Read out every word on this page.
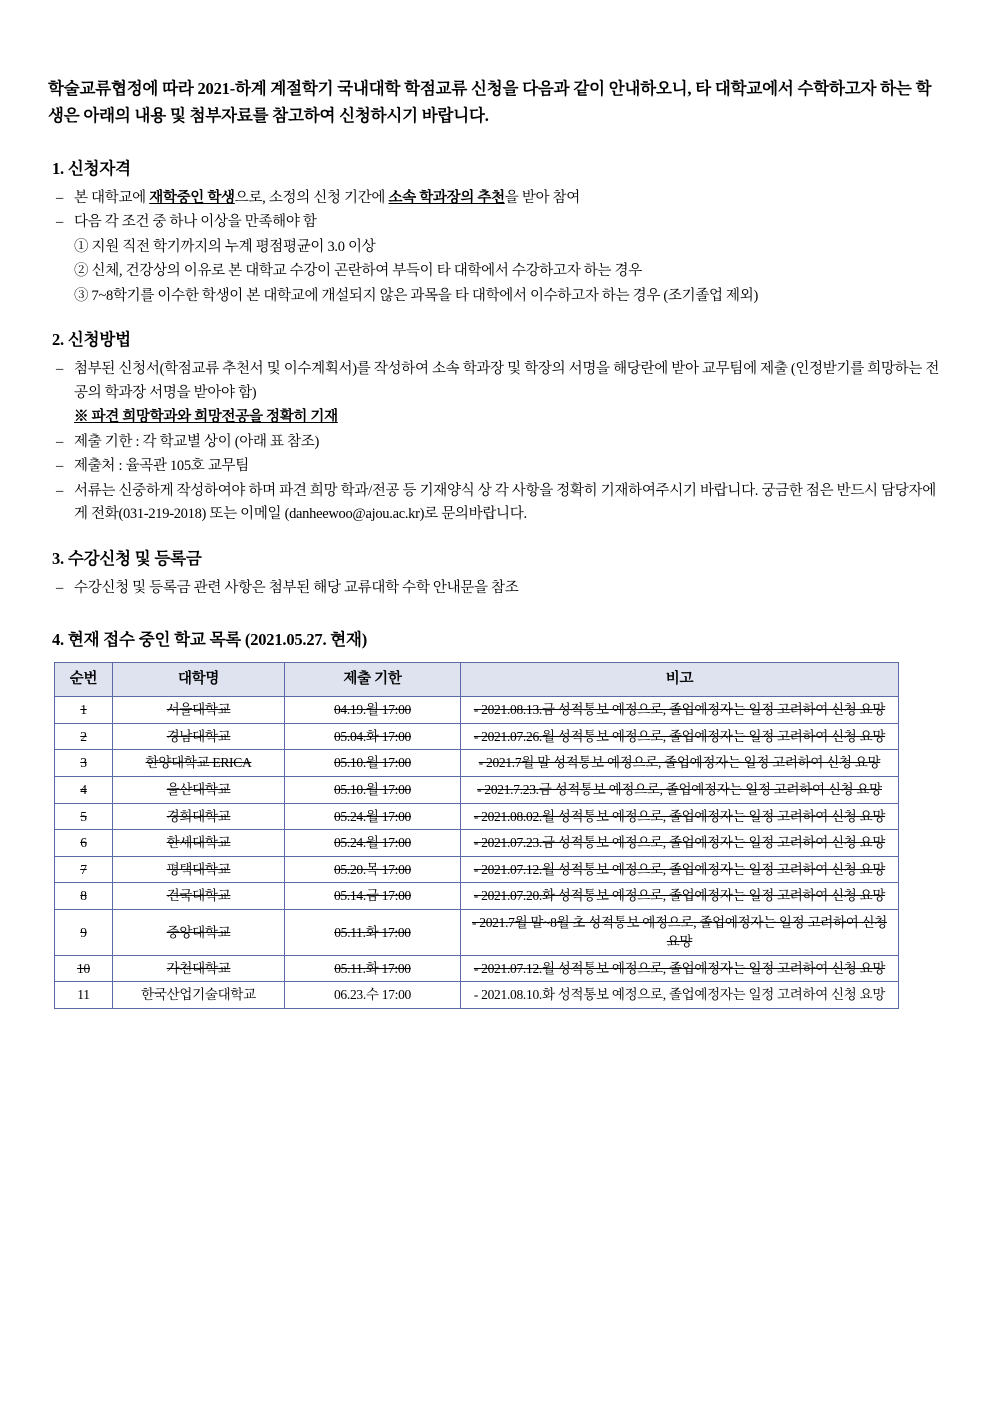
학술교류협정에 따라 2021-하계 계절학기 국내대학 학점교류 신청을 다음과 같이 안내하오니, 타 대학교에서 수학하고자 하는 학생은 아래의 내용 및 첨부자료를 참고하여 신청하시기 바랍니다.

1. 신청자격
– 본 대학교에 재학중인 학생으로, 소정의 신청 기간에 소속 학과장의 추천을 받아 참여
– 다음 각 조건 중 하나 이상을 만족해야 함
① 지원 직전 학기까지의 누계 평점평균이 3.0 이상
② 신체, 건강상의 이유로 본 대학교 수강이 곤란하여 부득이 타 대학에서 수강하고자 하는 경우
③ 7~8학기를 이수한 학생이 본 대학교에 개설되지 않은 과목을 타 대학에서 이수하고자 하는 경우 (조기졸업 제외)
2. 신청방법
– 첨부된 신청서(학점교류 추천서 및 이수계획서)를 작성하여 소속 학과장 및 학장의 서명을 해당란에 받아 교무팀에 제출 (인정받기를 희망하는 전공의 학과장 서명을 받아야 함)
※ 파견 희망학과와 희망전공을 정확히 기재
– 제출 기한 : 각 학교별 상이 (아래 표 참조)
– 제출처 : 율곡관 105호 교무팀
– 서류는 신중하게 작성하여야 하며 파견 희망 학과/전공 등 기재양식 상 각 사항을 정확히 기재하여주시기 바랍니다. 궁금한 점은 반드시 담당자에게 전화(031-219-2018) 또는 이메일 (danheewoo@ajou.ac.kr)로 문의바랍니다.
3. 수강신청 및 등록금
– 수강신청 및 등록금 관련 사항은 첨부된 해당 교류대학 수학 안내문을 참조
4. 현재 접수 중인 학교 목록 (2021.05.27. 현재)
순번	대학명	제출 기한	비고
1	서울대학교	04.19.월 17:00	- 2021.08.13.금 성적통보 예정으로, 졸업예정자는 일정 고려하여 신청 요망
2	경남대학교	05.04.화 17:00	- 2021.07.26.월 성적통보 예정으로, 졸업예정자는 일정 고려하여 신청 요망
3	한양대학교 ERICA	05.10.월 17:00	- 2021.7월 말 성적통보 예정으로, 졸업예정자는 일정 고려하여 신청 요망
4	울산대학교	05.10.월 17:00	- 2021.7.23.금 성적통보 예정으로, 졸업예정자는 일정 고려하여 신청 요망
5	경희대학교	05.24.월 17:00	- 2021.08.02.월 성적통보 예정으로, 졸업예정자는 일정 고려하여 신청 요망
6	한세대학교	05.24.월 17:00	- 2021.07.23.금 성적통보 예정으로, 졸업예정자는 일정 고려하여 신청 요망
7	평택대학교	05.20.목 17:00	- 2021.07.12.월 성적통보 예정으로, 졸업예정자는 일정 고려하여 신청 요망
8	건국대학교	05.14.금 17:00	- 2021.07.20.화 성적통보 예정으로, 졸업예정자는 일정 고려하여 신청 요망
9	중앙대학교	05.11.화 17:00	- 2021.7월 말~8월 초 성적통보 예정으로, 졸업예정자는 일정 고려하여 신청 요망
10	가천대학교	05.11.화 17:00	- 2021.07.12.월 성적통보 예정으로, 졸업예정자는 일정 고려하여 신청 요망
11	한국산업기술대학교	06.23.수 17:00	- 2021.08.10.화 성적통보 예정으로, 졸업예정자는 일정 고려하여 신청 요망
